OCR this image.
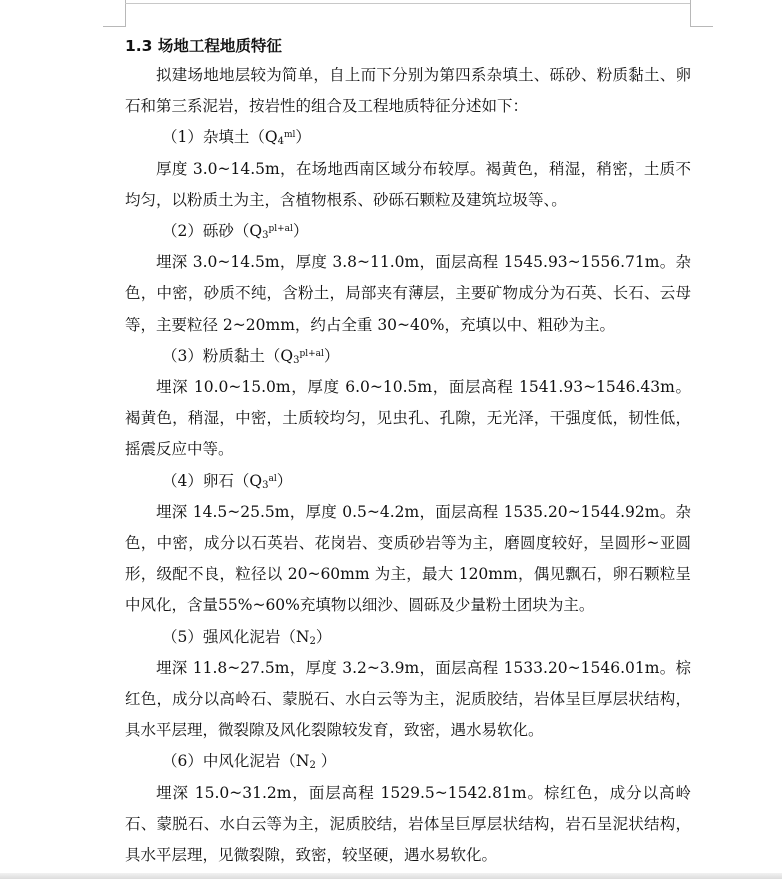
1.3 场地工程地质特征

拟建场地地层较为简单，自上而下分别为第四系杂填土、砾砂、粉质黏土、卵石和第三系泥岩，按岩性的组合及工程地质特征分述如下：

（1）杂填土$(Q_4^{ml})$

厚度 3.0~14.5m，在场地西南区域分布较厚。褐黄色，稍湿，稍密，土质不均匀，以粉质土为主，含植物根系、砂砾石颗粒及建筑垃圾等、。

（2）砾砂$(Q_3^{pl+al})$

埋深 3.0~14.5m，厚度 3.8~11.0m，面层高程 1545.93~1556.71m。杂色，中密，砂质不纯，含粉土，局部夹有薄层，主要矿物成分为石英、长石、云母等，主要粒径 2~20mm，约占全重 30~40%，充填以中、粗砂为主。

（3）粉质黏土$(Q_3^{pl+al})$

埋深 10.0~15.0m，厚度 6.0~10.5m，面层高程 1541.93~1546.43m。褐黄色，稍湿，中密，土质较均匀，见虫孔、孔隙，无光泽，干强度低，韧性低，摇震反应中等。

（4）卵石$(Q_3^{al})$

埋深 14.5~25.5m，厚度 0.5~4.2m，面层高程 1535.20~1544.92m。杂色，中密，成分以石英岩、花岗岩、变质砂岩等为主，磨圆度较好，呈圆形~亚圆形，级配不良，粒径以 20~60mm 为主，最大 120mm，偶见飘石，卵石颗粒呈中风化，含量55%~60%充填物以细沙、圆砾及少量粉土团块为主。

（5）强风化泥岩$(N_2)$

埋深 11.8~27.5m，厚度 3.2~3.9m，面层高程 1533.20~1546.01m。棕红色，成分以高岭石、蒙脱石、水白云等为主，泥质胶结，岩体呈巨厚层状结构，具水平层理，微裂隙及风化裂隙较发育，致密，遇水易软化。

（6）中风化泥岩（$N_2$ ）

埋深 15.0~31.2m，面层高程 1529.5~1542.81m。棕红色，成分以高岭石、蒙脱石、水白云等为主，泥质胶结，岩体呈巨厚层状结构，岩石呈泥状结构，具水平层理，见微裂隙，致密，较坚硬，遇水易软化。
